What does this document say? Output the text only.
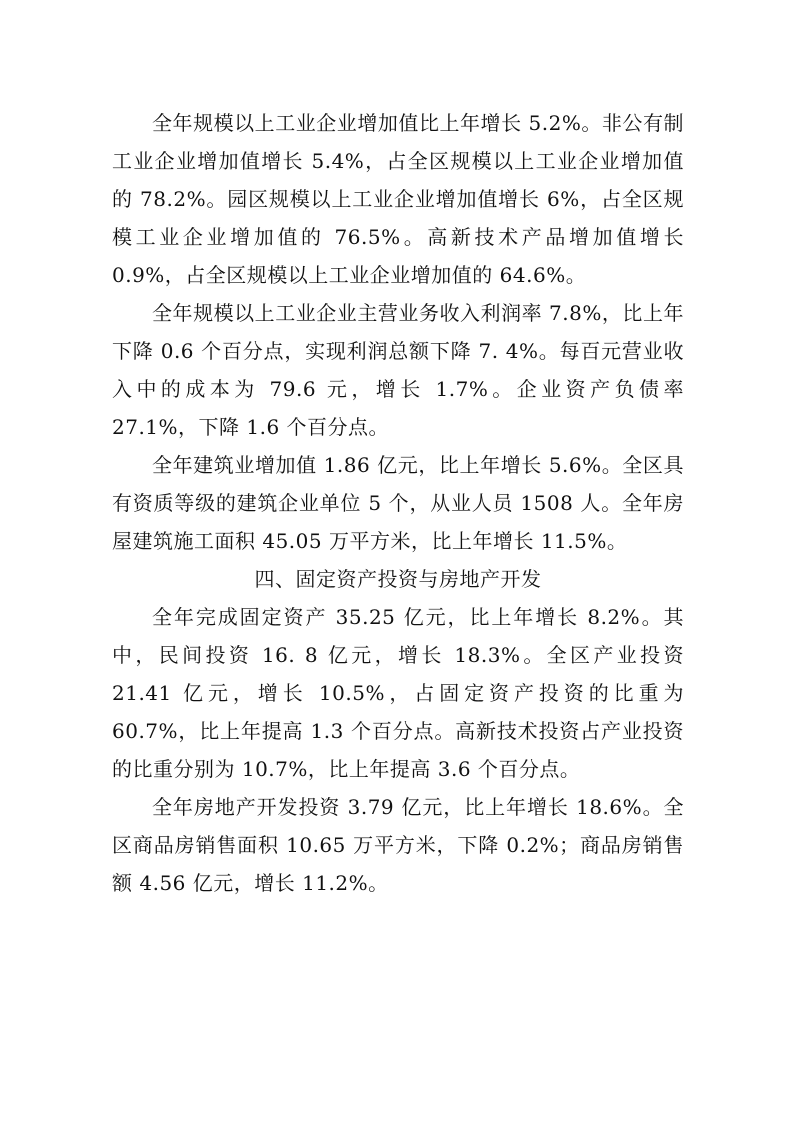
全年规模以上工业企业增加值比上年增长 5.2%。非公有制工业企业增加值增长 5.4%，占全区规模以上工业企业增加值的 78.2%。园区规模以上工业企业增加值增长 6%，占全区规模工业企业增加值的 76.5%。高新技术产品增加值增长 0.9%，占全区规模以上工业企业增加值的 64.6%。

全年规模以上工业企业主营业务收入利润率 7.8%，比上年下降 0.6 个百分点，实现利润总额下降 7. 4%。每百元营业收入中的成本为 79.6 元，增长 1.7%。企业资产负债率 27.1%，下降 1.6 个百分点。

全年建筑业增加值 1.86 亿元，比上年增长 5.6%。全区具有资质等级的建筑企业单位 5 个，从业人员 1508 人。全年房屋建筑施工面积 45.05 万平方米，比上年增长 11.5%。

四、固定资产投资与房地产开发

全年完成固定资产 35.25 亿元，比上年增长 8.2%。其中，民间投资 16. 8 亿元，增长 18.3%。全区产业投资 21.41 亿元，增长 10.5%，占固定资产投资的比重为 60.7%，比上年提高 1.3 个百分点。高新技术投资占产业投资的比重分别为 10.7%，比上年提高 3.6 个百分点。

全年房地产开发投资 3.79 亿元，比上年增长 18.6%。全区商品房销售面积 10.65 万平方米，下降 0.2%；商品房销售额 4.56 亿元，增长 11.2%。
